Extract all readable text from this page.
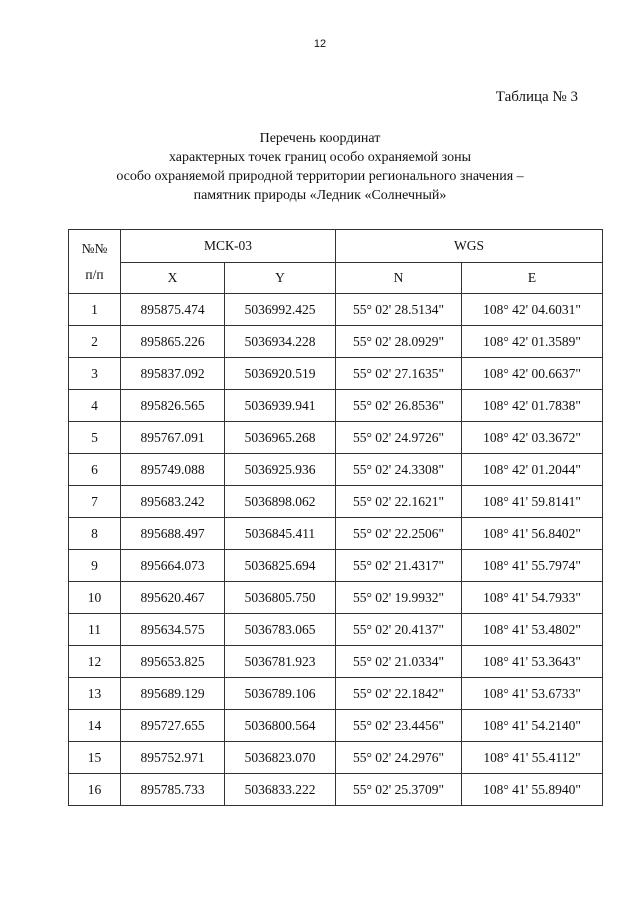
12
Таблица № 3
Перечень координат
характерных точек границ особо охраняемой зоны
особо охраняемой природной территории регионального значения –
памятник природы «Ледник «Солнечный»
№№
п/п	МСК-03		WGS	
	X	Y	N	E
1	895875.474	5036992.425	55° 02' 28.5134"	108° 42' 04.6031"
2	895865.226	5036934.228	55° 02' 28.0929"	108° 42' 01.3589"
3	895837.092	5036920.519	55° 02' 27.1635"	108° 42' 00.6637"
4	895826.565	5036939.941	55° 02' 26.8536"	108° 42' 01.7838"
5	895767.091	5036965.268	55° 02' 24.9726"	108° 42' 03.3672"
6	895749.088	5036925.936	55° 02' 24.3308"	108° 42' 01.2044"
7	895683.242	5036898.062	55° 02' 22.1621"	108° 41' 59.8141"
8	895688.497	5036845.411	55° 02' 22.2506"	108° 41' 56.8402"
9	895664.073	5036825.694	55° 02' 21.4317"	108° 41' 55.7974"
10	895620.467	5036805.750	55° 02' 19.9932"	108° 41' 54.7933"
11	895634.575	5036783.065	55° 02' 20.4137"	108° 41' 53.4802"
12	895653.825	5036781.923	55° 02' 21.0334"	108° 41' 53.3643"
13	895689.129	5036789.106	55° 02' 22.1842"	108° 41' 53.6733"
14	895727.655	5036800.564	55° 02' 23.4456"	108° 41' 54.2140"
15	895752.971	5036823.070	55° 02' 24.2976"	108° 41' 55.4112"
16	895785.733	5036833.222	55° 02' 25.3709"	108° 41' 55.8940"
